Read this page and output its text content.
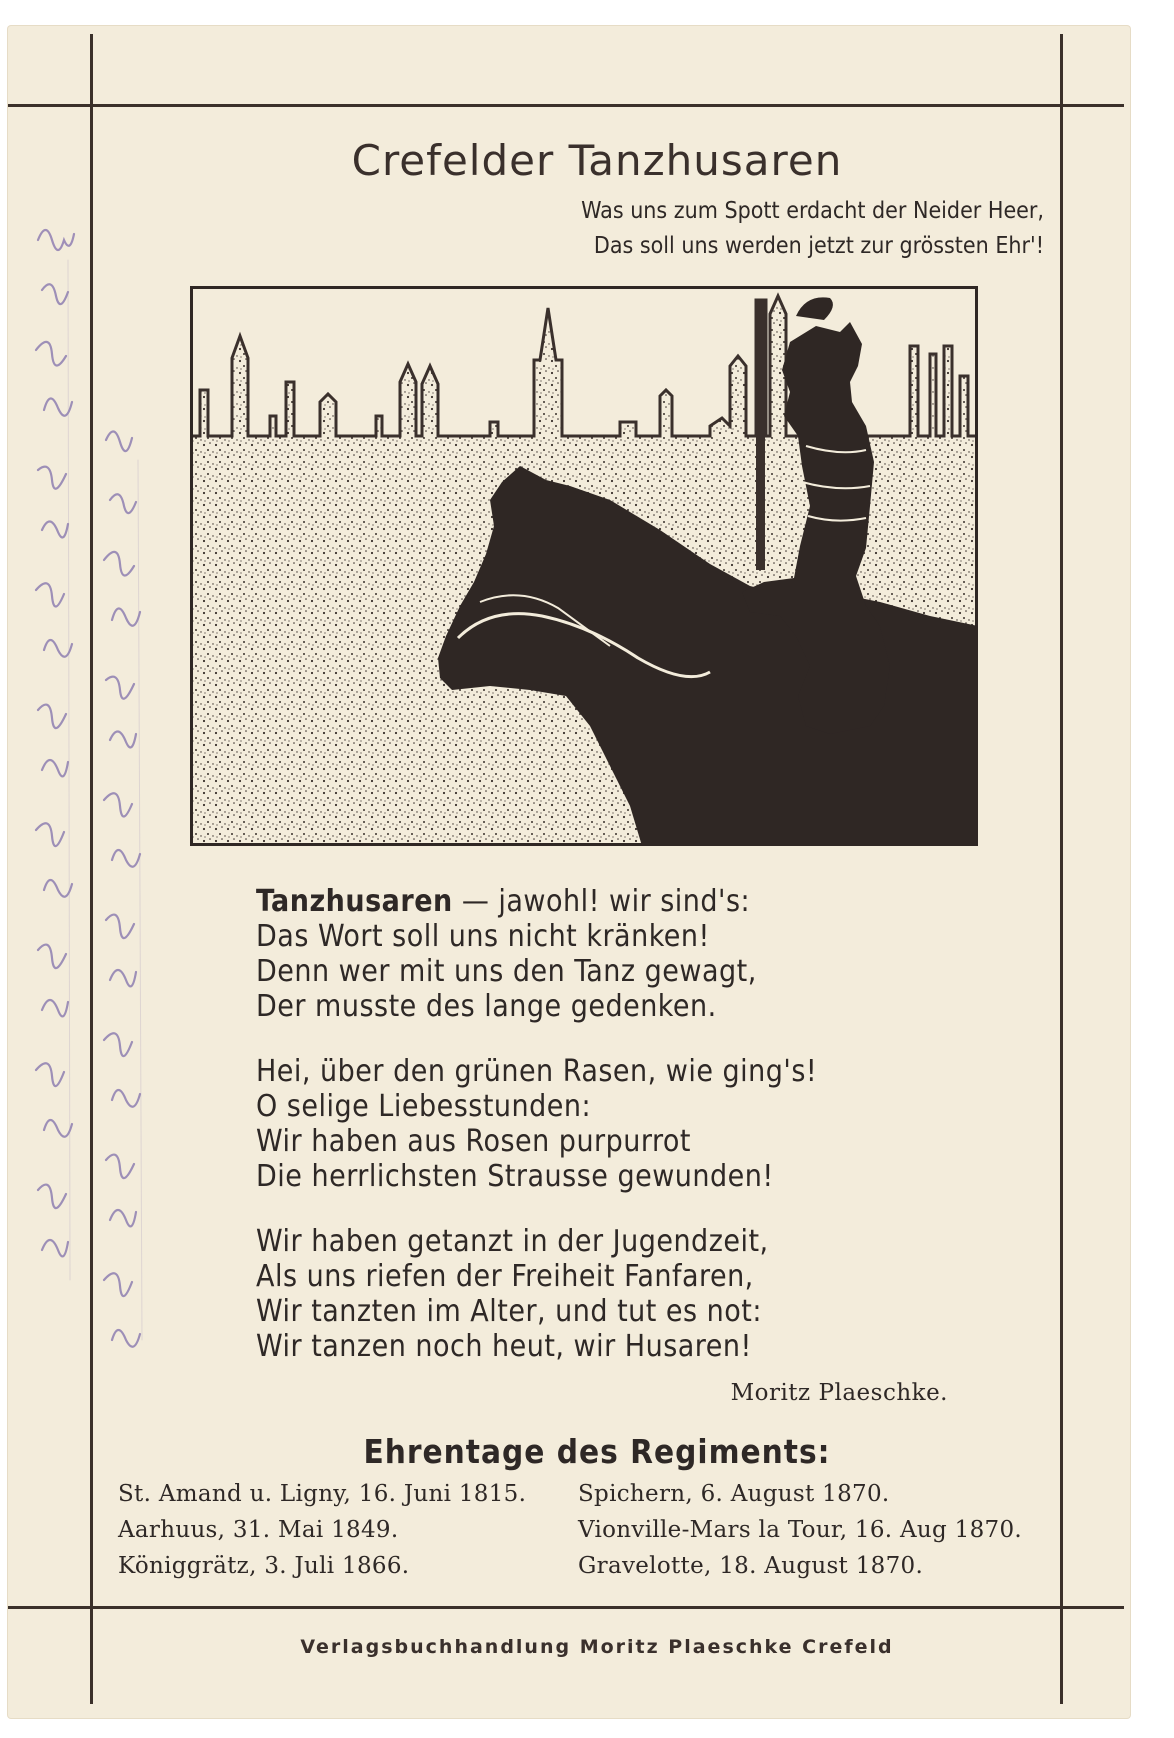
Crefelder Tanzhusaren
Was uns zum Spott erdacht der Neider Heer,
Das soll uns werden jetzt zur grössten Ehr'!
Tanzhusaren — jawohl! wir sind's:
Das Wort soll uns nicht kränken!
Denn wer mit uns den Tanz gewagt,
Der musste des lange gedenken.
Hei, über den grünen Rasen, wie ging's!
O selige Liebesstunden:
Wir haben aus Rosen purpurrot
Die herrlichsten Strausse gewunden!
Wir haben getanzt in der Jugendzeit,
Als uns riefen der Freiheit Fanfaren,
Wir tanzten im Alter, und tut es not:
Wir tanzen noch heut, wir Husaren!
Moritz Plaeschke.
Ehrentage des Regiments:
St. Amand u. Ligny, 16. Juni 1815. Spichern, 6. August 1870.
Aarhuus, 31. Mai 1849.	Vionville-Mars la Tour, 16. Aug 1870.
Königgrätz, 3. Juli 1866.	Gravelotte, 18. August 1870.
Verlagsbuchhandlung Moritz Plaeschke Crefeld
